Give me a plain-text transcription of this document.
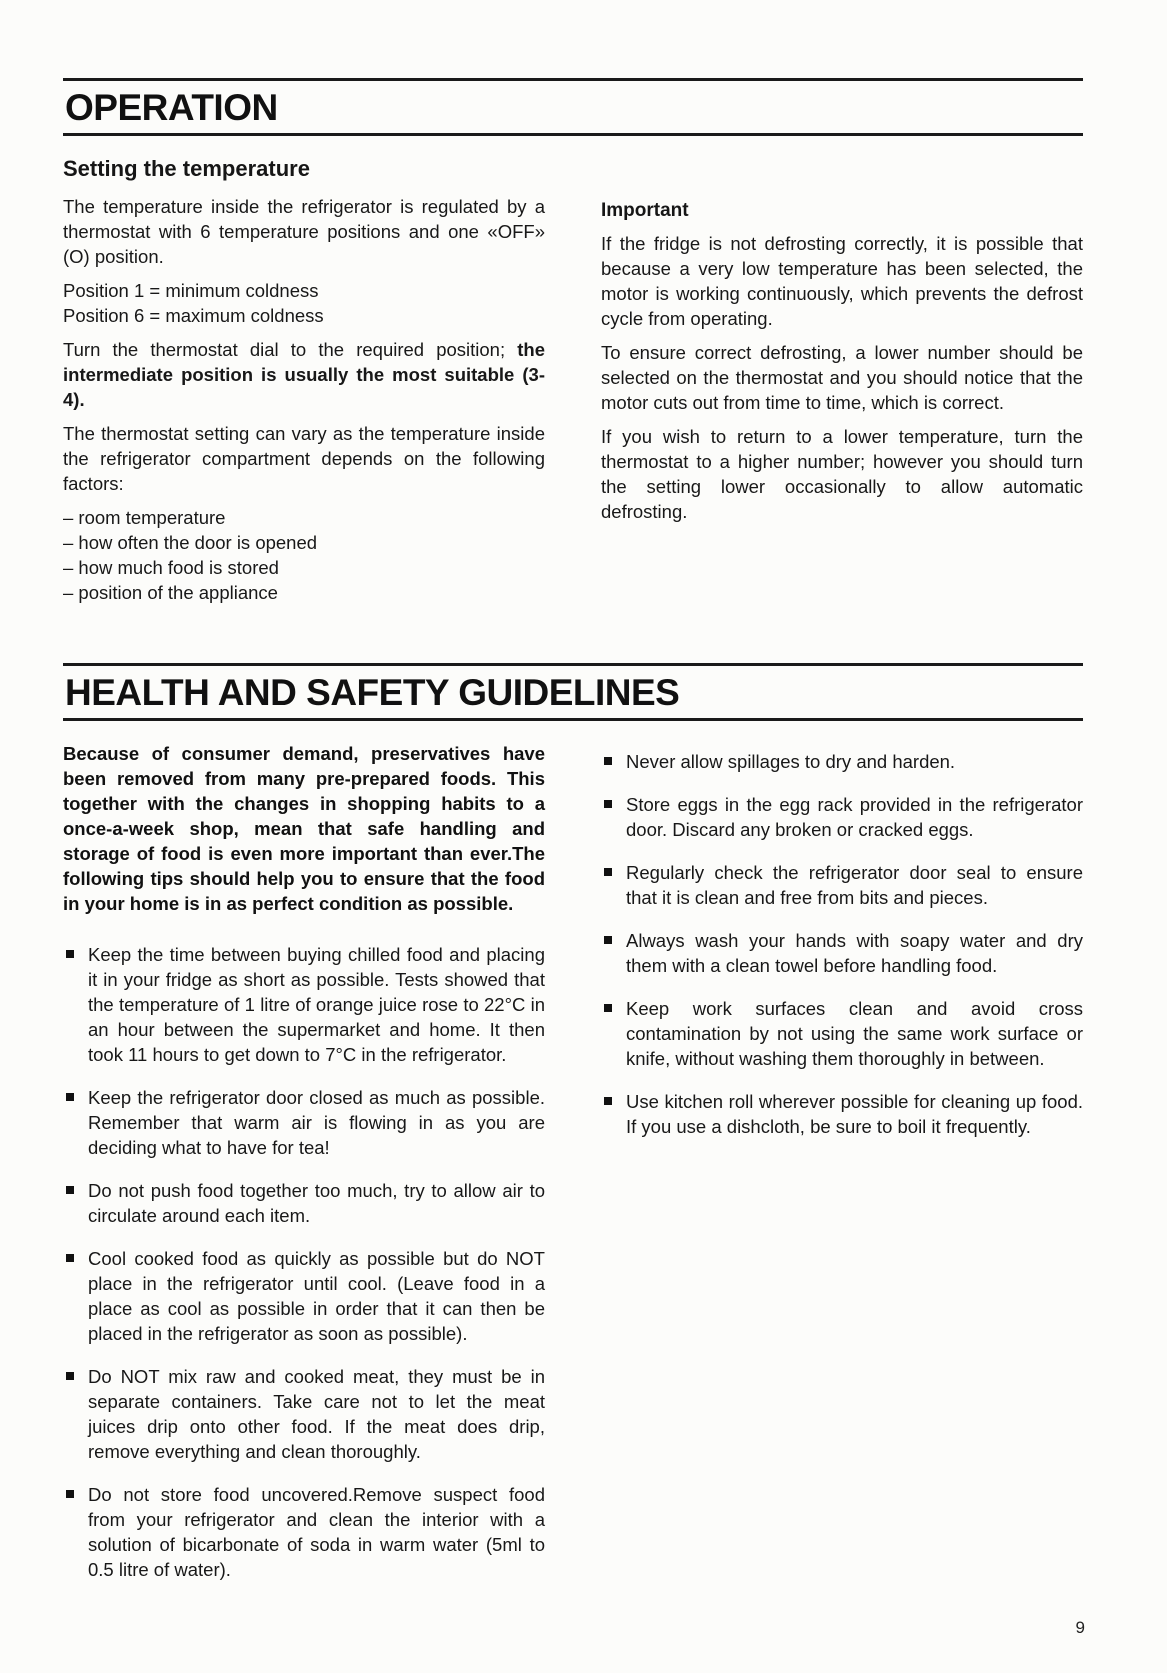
OPERATION
Setting the temperature

The temperature inside the refrigerator is regulated by a thermostat with 6 temperature positions and one «OFF» (O) position.

Position 1 = minimum coldness
Position 6 = maximum coldness

Turn the thermostat dial to the required position; the intermediate position is usually the most suitable (3-4).

The thermostat setting can vary as the temperature inside the refrigerator compartment depends on the following factors:

– room temperature
– how often the door is opened
– how much food is stored
– position of the appliance
Important

If the fridge is not defrosting correctly, it is possible that because a very low temperature has been selected, the motor is working continuously, which prevents the defrost cycle from operating.

To ensure correct defrosting, a lower number should be selected on the thermostat and you should notice that the motor cuts out from time to time, which is correct.

If you wish to return to a lower temperature, turn the thermostat to a higher number; however you should turn the setting lower occasionally to allow automatic defrosting.

HEALTH AND SAFETY GUIDELINES

Because of consumer demand, preservatives have been removed from many pre-prepared foods. This together with the changes in shopping habits to a once-a-week shop, mean that safe handling and storage of food is even more important than ever.The following tips should help you to ensure that the food in your home is in as perfect condition as possible.

Keep the time between buying chilled food and placing it in your fridge as short as possible. Tests showed that the temperature of 1 litre of orange juice rose to 22°C in an hour between the supermarket and home. It then took 11 hours to get down to 7°C in the refrigerator.

Keep the refrigerator door closed as much as possible. Remember that warm air is flowing in as you are deciding what to have for tea!

Do not push food together too much, try to allow air to circulate around each item.

Cool cooked food as quickly as possible but do NOT place in the refrigerator until cool. (Leave food in a place as cool as possible in order that it can then be placed in the refrigerator as soon as possible).

Do NOT mix raw and cooked meat, they must be in separate containers. Take care not to let the meat juices drip onto other food. If the meat does drip, remove everything and clean thoroughly.

Do not store food uncovered.Remove suspect food from your refrigerator and clean the interior with a solution of bicarbonate of soda in warm water (5ml to 0.5 litre of water).

Never allow spillages to dry and harden.

Store eggs in the egg rack provided in the refrigerator door. Discard any broken or cracked eggs.

Regularly check the refrigerator door seal to ensure that it is clean and free from bits and pieces.

Always wash your hands with soapy water and dry them with a clean towel before handling food.

Keep work surfaces clean and avoid cross contamination by not using the same work surface or knife, without washing them thoroughly in between.

Use kitchen roll wherever possible for cleaning up food. If you use a dishcloth, be sure to boil it frequently.

9
